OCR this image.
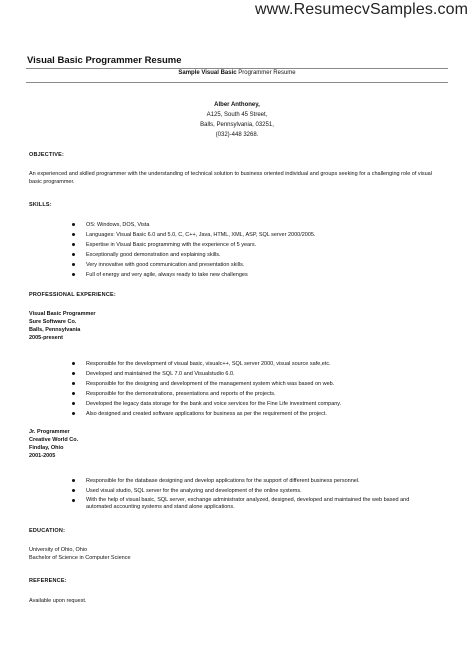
www.ResumecvSamples.com
Visual Basic Programmer Resume
Sample Visual Basic Programmer Resume
Alber Anthoney,
A125, South 45 Street,
Balls, Pennsylvania, 03251,
(032)-448 3268.
OBJECTIVE:
An experienced and skilled programmer with the understanding of technical solution to business oriented individual and groups seeking for a challenging role of visual basic programmer.
SKILLS:
OS: Windows, DOS, Vista
Languages: Visual Basic 6.0 and 5.0, C, C++, Java, HTML, XML, ASP, SQL server 2000/2005.
Expertise in Visual Basic programming with the experience of 5 years.
Exceptionally good demonstration and explaining skills.
Very innovative with good communication and presentation skills.
Full of energy and very agile, always ready to take new challenges
PROFESSIONAL EXPERIENCE:
Visual Basic Programmer
Sure Software Co.
Balls, Pennsylvania
2005-present
Responsible for the development of visual basic, visualc++, SQL server 2000, visual source safe,etc.
Developed and maintained the SQL 7.0 and Visualstudio 6.0.
Responsible for the designing and development of the management system which was based on web.
Responsible for the demonstrations, presentations and reports of the projects.
Developed the legacy data storage for the bank and voice services for the Fine Life investment company.
Also designed and created software applications for business as per the requirement of the project.
Jr. Programmer
Creative World Co.
Findlay, Ohio
2001-2005
Responsible for the database designing and develop applications for the support of different business personnel.
Used visual studio, SQL server for the analyzing and development of the online systems.
With the help of visual basic, SQL server, exchange administrator analyzed, designed, developed and maintained the web based and automated accounting systems and stand alone applications.
EDUCATION:
University of Ohio, Ohio
Bachelor of Science in Computer Science
REFERENCE:
Available upon request.
